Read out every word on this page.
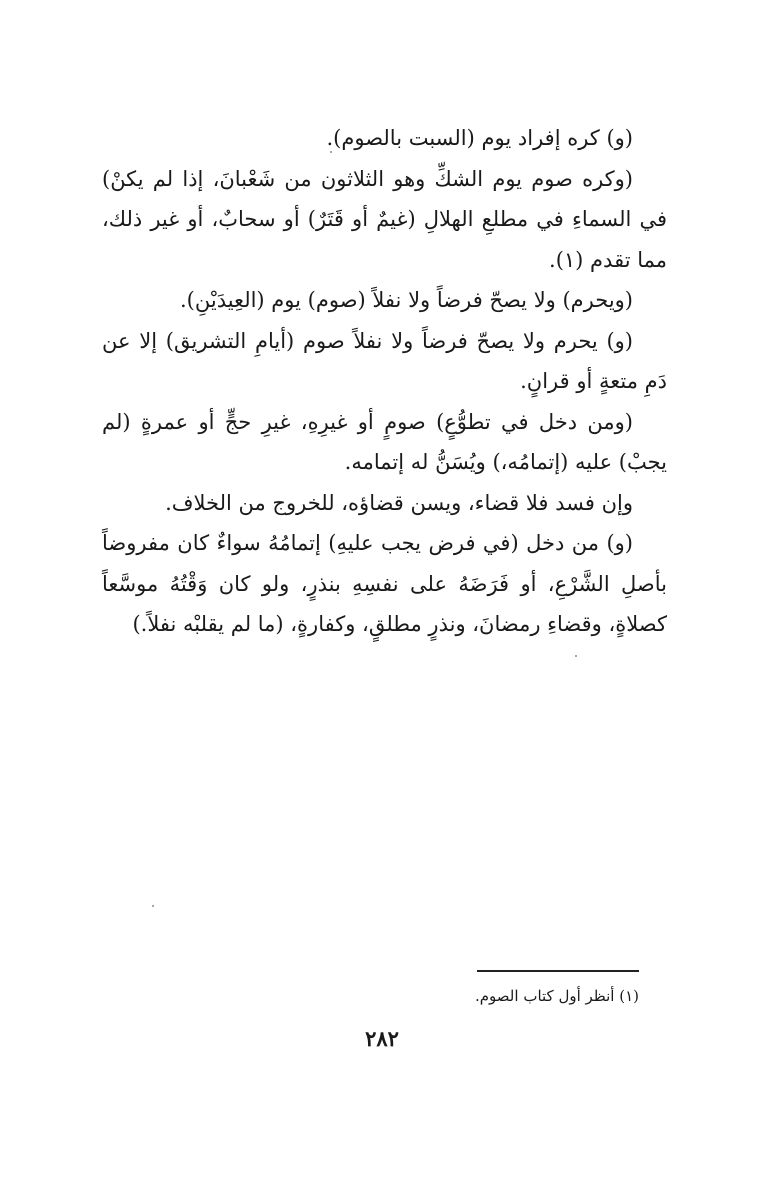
(و) كره إفراد يوم (السبت بالصوم).

(وكره صوم يوم الشكِّ وهو الثلاثون من شَعْبانَ، إذا لم يكنْ) في السماءِ في مطلعِ الهلالِ (غيمٌ أو قَتَرٌ) أو سحابٌ، أو غير ذلك، مما تقدم (١).

(ويحرم) ولا يصحّ فرضاً ولا نفلاً (صوم) يوم (العِيدَيْنِ).

(و) يحرم ولا يصحّ فرضاً ولا نفلاً صوم (أيامِ التشريق) إلا عن دَمِ متعةٍ أو قرانٍ.

(ومن دخل في تطوُّعٍ) صومٍ أو غيرِهِ، غيرِ حجٍّ أو عمرةٍ (لم يجبْ) عليه (إتمامُه،) ويُسَنُّ له إتمامه.

وإن فسد فلا قضاء، ويسن قضاؤه، للخروج من الخلاف.

(و) من دخل (في فرض يجب عليهِ) إتمامُهُ سواءٌ كان مفروضاً بأصلِ الشَّرْعِ، أو فَرَضَهُ على نفسِهِ بنذرٍ، ولو كان وَقْتُهُ موسَّعاً كصلاةٍ، وقضاءِ رمضانَ، ونذرٍ مطلقٍ، وكفارةٍ، (ما لم يقلبْه نفلاً.)

(١) أنظر أول كتاب الصوم.
٢٨٢
